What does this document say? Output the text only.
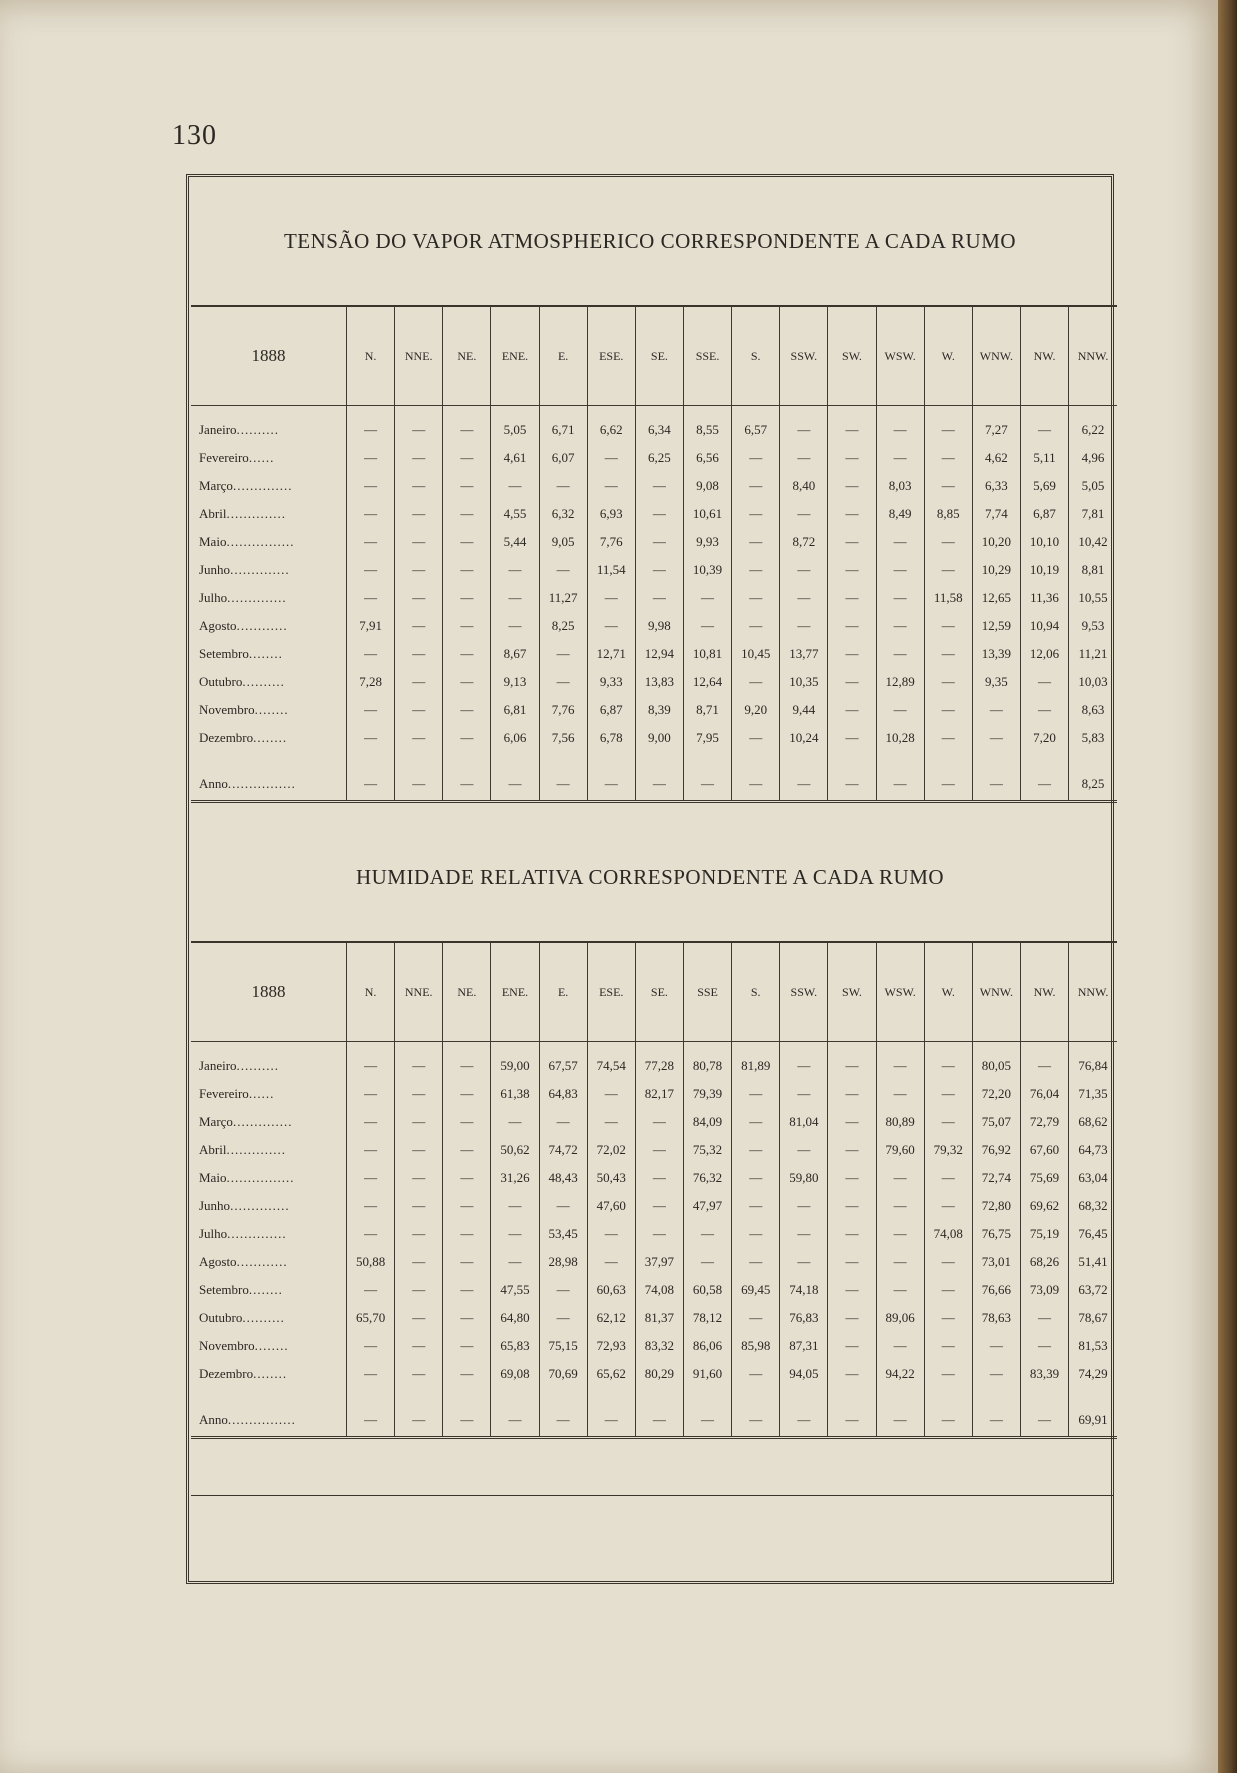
130
TENSÃO DO VAPOR ATMOSPHERICO CORRESPONDENTE A CADA RUMO
1888	N.	NNE.	NE.	ENE.	E.	ESE.	SE.	SSE.	S.	SSW.	SW.	WSW.	W.	WNW.	NW.	NNW.
Janeiro..........	—	—	—	5,05	6,71	6,62	6,34	8,55	6,57	—	—	—	—	7,27	—	6,22
Fevereiro......	—	—	—	4,61	6,07	—	6,25	6,56	—	—	—	—	—	4,62	5,11	4,96
Março..............	—	—	—	—	—	—	—	9,08	—	8,40	—	8,03	—	6,33	5,69	5,05
Abril..............	—	—	—	4,55	6,32	6,93	—	10,61	—	—	—	8,49	8,85	7,74	6,87	7,81
Maio................	—	—	—	5,44	9,05	7,76	—	9,93	—	8,72	—	—	—	10,20	10,10	10,42
Junho..............	—	—	—	—	—	11,54	—	10,39	—	—	—	—	—	10,29	10,19	8,81
Julho..............	—	—	—	—	11,27	—	—	—	—	—	—	—	11,58	12,65	11,36	10,55
Agosto............	7,91	—	—	—	8,25	—	9,98	—	—	—	—	—	—	12,59	10,94	9,53
Setembro........	—	—	—	8,67	—	12,71	12,94	10,81	10,45	13,77	—	—	—	13,39	12,06	11,21
Outubro..........	7,28	—	—	9,13	—	9,33	13,83	12,64	—	10,35	—	12,89	—	9,35	—	10,03
Novembro........	—	—	—	6,81	7,76	6,87	8,39	8,71	9,20	9,44	—	—	—	—	—	8,63
Dezembro........	—	—	—	6,06	7,56	6,78	9,00	7,95	—	10,24	—	10,28	—	—	7,20	5,83
Anno................	—	—	—	—	—	—	—	—	—	—	—	—	—	—	—	8,25
HUMIDADE RELATIVA CORRESPONDENTE A CADA RUMO
1888	N.	NNE.	NE.	ENE.	E.	ESE.	SE.	SSE	S.	SSW.	SW.	WSW.	W.	WNW.	NW.	NNW.
Janeiro..........	—	—	—	59,00	67,57	74,54	77,28	80,78	81,89	—	—	—	—	80,05	—	76,84
Fevereiro......	—	—	—	61,38	64,83	—	82,17	79,39	—	—	—	—	—	72,20	76,04	71,35
Março..............	—	—	—	—	—	—	—	84,09	—	81,04	—	80,89	—	75,07	72,79	68,62
Abril..............	—	—	—	50,62	74,72	72,02	—	75,32	—	—	—	79,60	79,32	76,92	67,60	64,73
Maio................	—	—	—	31,26	48,43	50,43	—	76,32	—	59,80	—	—	—	72,74	75,69	63,04
Junho..............	—	—	—	—	—	47,60	—	47,97	—	—	—	—	—	72,80	69,62	68,32
Julho..............	—	—	—	—	53,45	—	—	—	—	—	—	—	74,08	76,75	75,19	76,45
Agosto............	50,88	—	—	—	28,98	—	37,97	—	—	—	—	—	—	73,01	68,26	51,41
Setembro........	—	—	—	47,55	—	60,63	74,08	60,58	69,45	74,18	—	—	—	76,66	73,09	63,72
Outubro..........	65,70	—	—	64,80	—	62,12	81,37	78,12	—	76,83	—	89,06	—	78,63	—	78,67
Novembro........	—	—	—	65,83	75,15	72,93	83,32	86,06	85,98	87,31	—	—	—	—	—	81,53
Dezembro........	—	—	—	69,08	70,69	65,62	80,29	91,60	—	94,05	—	94,22	—	—	83,39	74,29
Anno................	—	—	—	—	—	—	—	—	—	—	—	—	—	—	—	69,91
